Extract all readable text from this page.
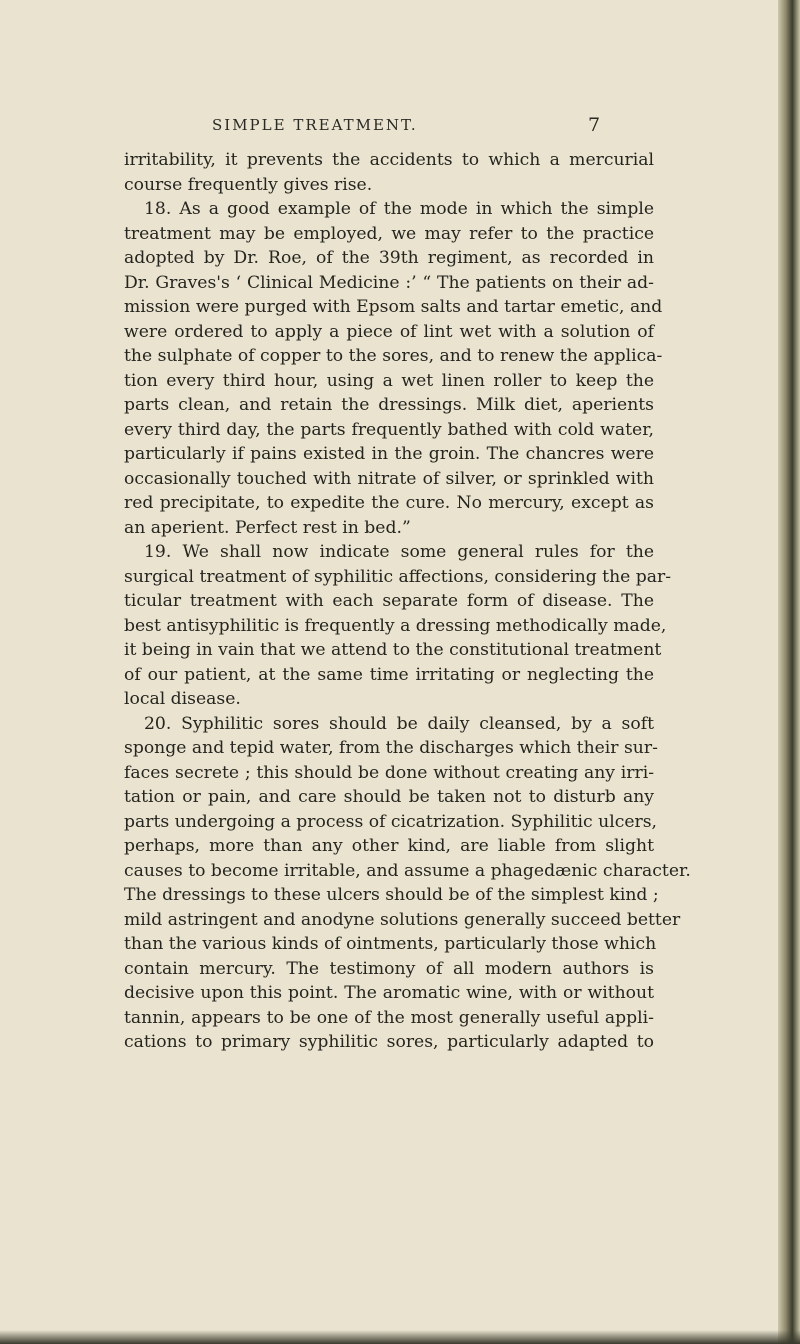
SIMPLE TREATMENT.	7
irritability, it prevents the accidents to which a mercurial
course frequently gives rise.
18. As a good example of the mode in which the simple
treatment may be employed, we may refer to the practice
adopted by Dr. Roe, of the 39th regiment, as recorded in
Dr. Graves's ‘ Clinical Medicine :’ “ The patients on their ad-
mission were purged with Epsom salts and tartar emetic, and
were ordered to apply a piece of lint wet with a solution of
the sulphate of copper to the sores, and to renew the applica-
tion every third hour, using a wet linen roller to keep the
parts clean, and retain the dressings. Milk diet, aperients
every third day, the parts frequently bathed with cold water,
particularly if pains existed in the groin. The chancres were
occasionally touched with nitrate of silver, or sprinkled with
red precipitate, to expedite the cure. No mercury, except as
an aperient. Perfect rest in bed.”
19. We shall now indicate some general rules for the
surgical treatment of syphilitic affections, considering the par-
ticular treatment with each separate form of disease. The
best antisyphilitic is frequently a dressing methodically made,
it being in vain that we attend to the constitutional treatment
of our patient, at the same time irritating or neglecting the
local disease.
20. Syphilitic sores should be daily cleansed, by a soft
sponge and tepid water, from the discharges which their sur-
faces secrete ; this should be done without creating any irri-
tation or pain, and care should be taken not to disturb any
parts undergoing a process of cicatrization. Syphilitic ulcers,
perhaps, more than any other kind, are liable from slight
causes to become irritable, and assume a phagedænic character.
The dressings to these ulcers should be of the simplest kind ;
mild astringent and anodyne solutions generally succeed better
than the various kinds of ointments, particularly those which
contain mercury. The testimony of all modern authors is
decisive upon this point. The aromatic wine, with or without
tannin, appears to be one of the most generally useful appli-
cations to primary syphilitic sores, particularly adapted to
